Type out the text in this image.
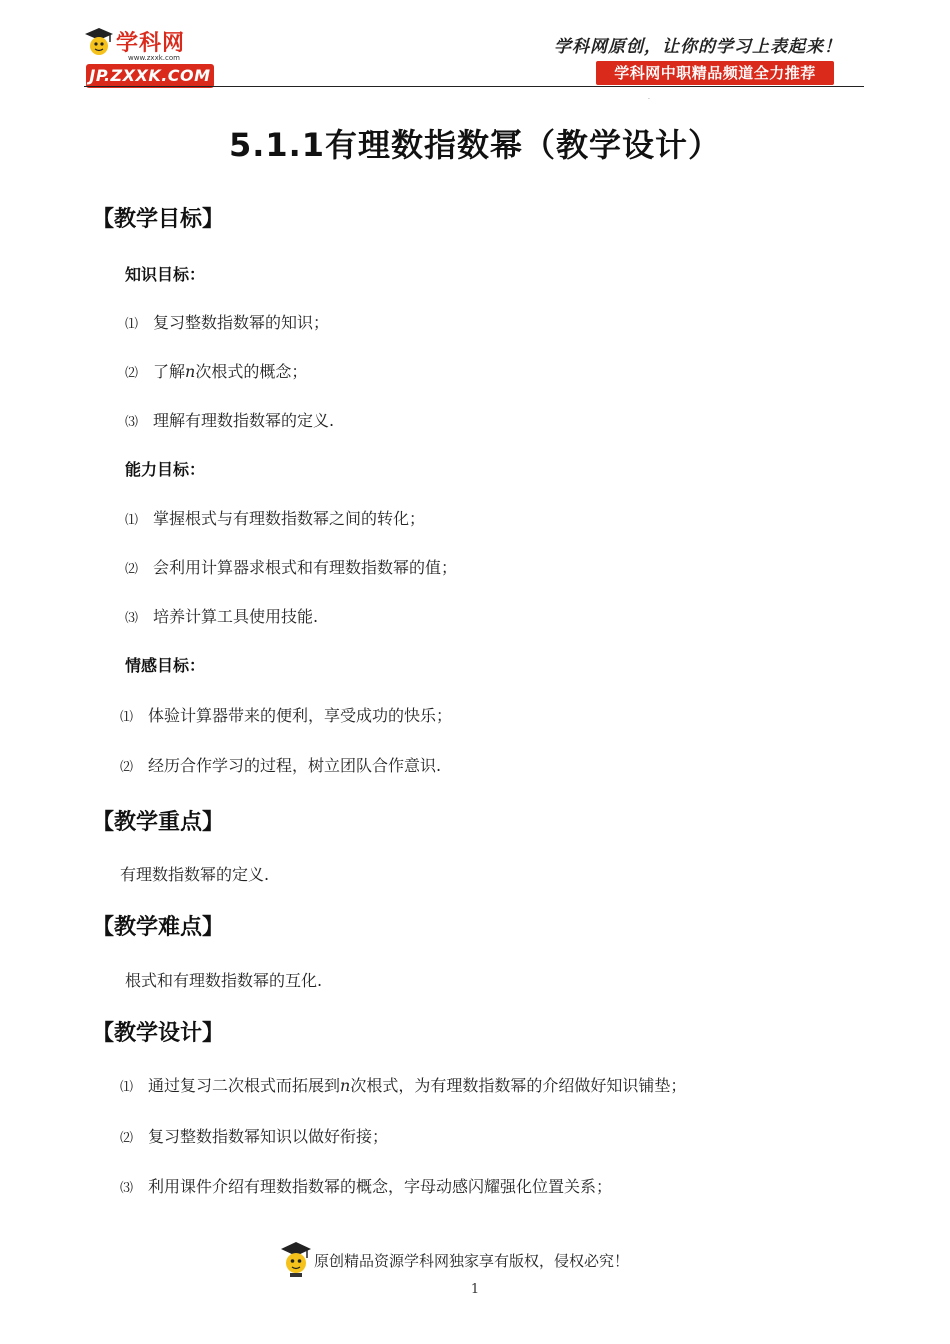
学科网
www.zxxk.com
JP.ZXXK.COM
学科网原创，让你的学习上表起来！
学科网中职精品频道全力推荐
·
5.1.1有理数指数幂（教学设计）
【教学目标】
知识目标：
⑴ 复习整数指数幂的知识；
⑵ 了解n次根式的概念；
⑶ 理解有理数指数幂的定义.
能力目标：
⑴ 掌握根式与有理数指数幂之间的转化；
⑵ 会利用计算器求根式和有理数指数幂的值；
⑶ 培养计算工具使用技能.
情感目标：
⑴ 体验计算器带来的便利，享受成功的快乐；
⑵ 经历合作学习的过程，树立团队合作意识.
【教学重点】
有理数指数幂的定义.
【教学难点】
根式和有理数指数幂的互化.
【教学设计】
⑴ 通过复习二次根式而拓展到n次根式，为有理数指数幂的介绍做好知识铺垫；
⑵ 复习整数指数幂知识以做好衔接；
⑶ 利用课件介绍有理数指数幂的概念，字母动感闪耀强化位置关系；
原创精品资源学科网独家享有版权，侵权必究！
1
